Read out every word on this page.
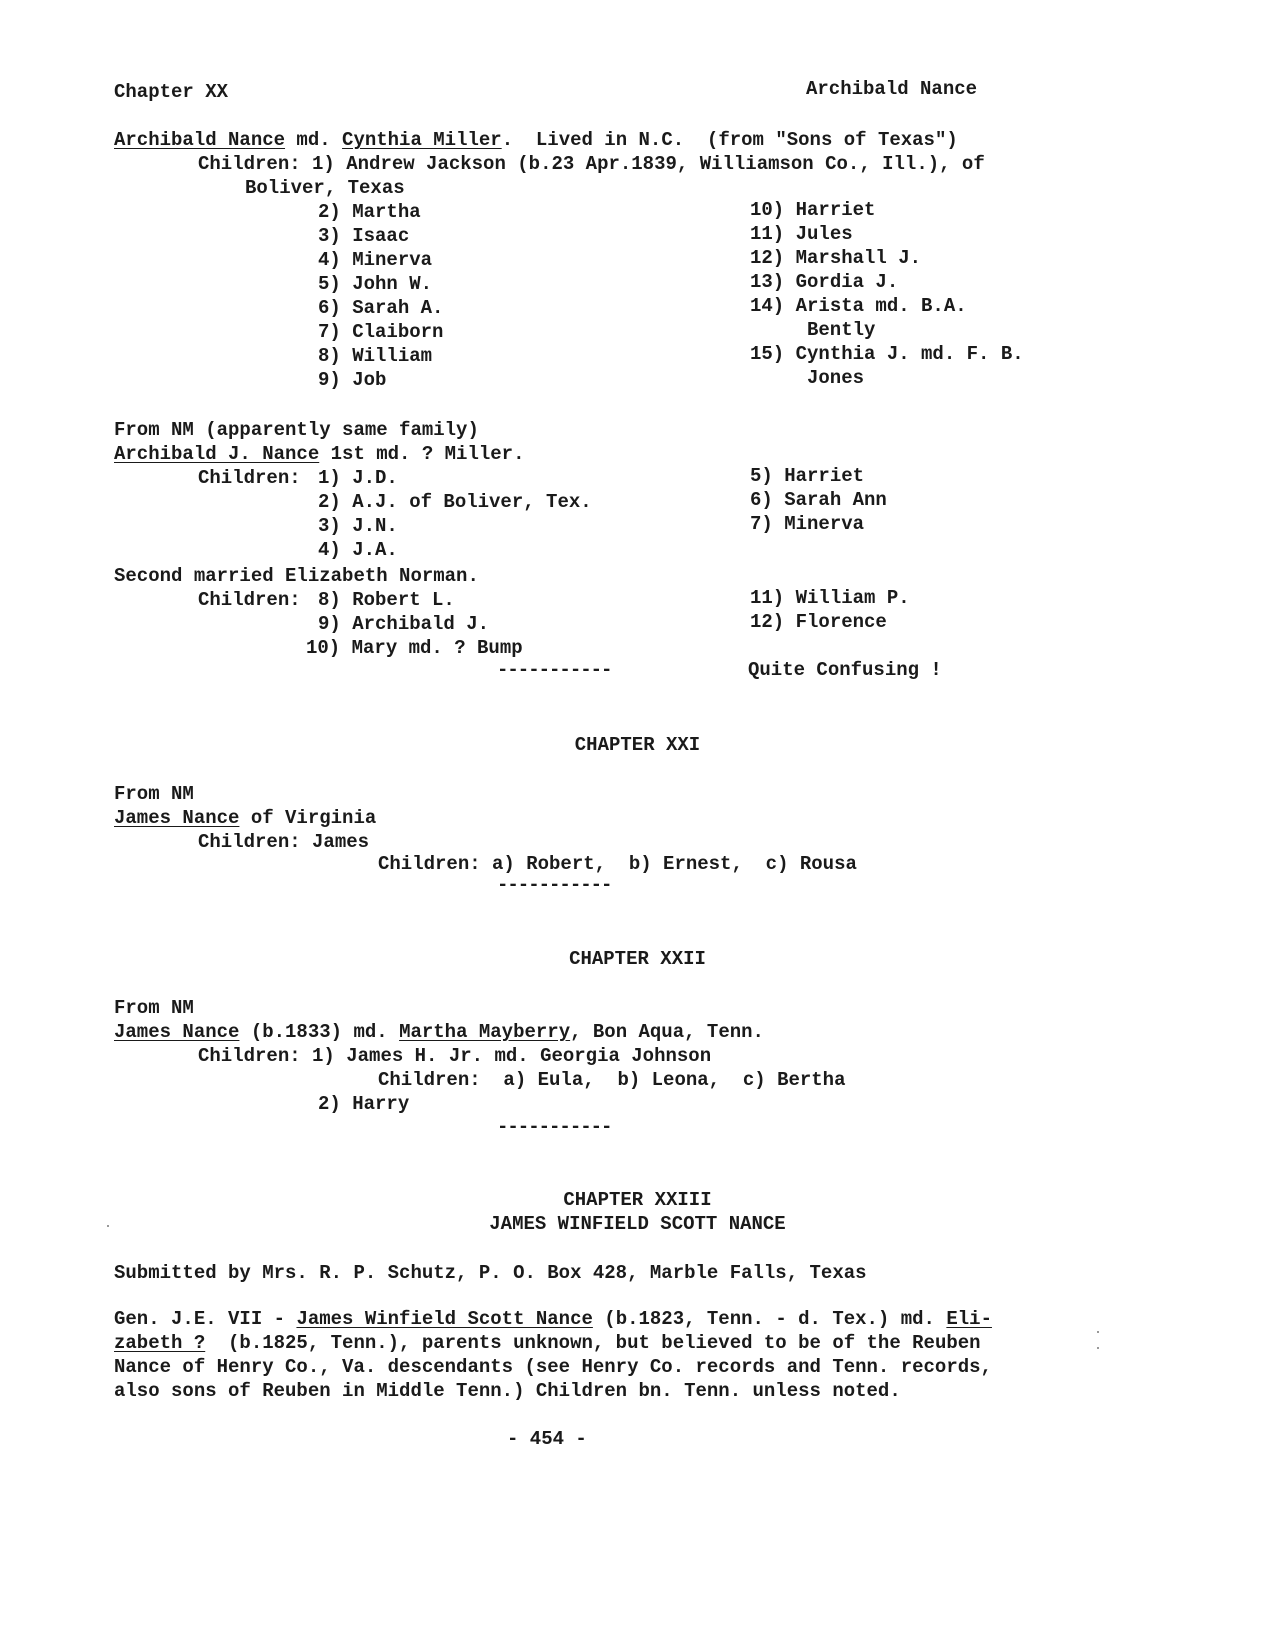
Chapter XX	Archibald Nance
Archibald Nance md. Cynthia Miller.  Lived in N.C.  (from "Sons of Texas")
Children: 1) Andrew Jackson (b.23 Apr.1839, Williamson Co., Ill.), of
Boliver, Texas
2) Martha
3) Isaac
4) Minerva
5) John W.
6) Sarah A.
7) Claiborn
8) William
9) Job
10) Harriet
11) Jules
12) Marshall J.
13) Gordia J.
14) Arista md. B.A.
Bently
15) Cynthia J. md. F. B.
Jones
From NM (apparently same family)
Archibald J. Nance 1st md. ? Miller.
Children: 1) J.D.
2) A.J. of Boliver, Tex.
3) J.N.
4) J.A.
5) Harriet
6) Sarah Ann
7) Minerva
Second married Elizabeth Norman.
Children: 8) Robert L.
9) Archibald J.
10) Mary md. ? Bump
11) William P.
12) Florence
-----------	Quite Confusing !
CHAPTER XXI
From NM
James Nance of Virginia
Children: James
Children: a) Robert,  b) Ernest,  c) Rousa
-----------
CHAPTER XXII
From NM
James Nance (b.1833) md. Martha Mayberry, Bon Aqua, Tenn.
Children: 1) James H. Jr. md. Georgia Johnson
Children:  a) Eula,  b) Leona,  c) Bertha
2) Harry
-----------
CHAPTER XXIII
JAMES WINFIELD SCOTT NANCE
Submitted by Mrs. R. P. Schutz, P. O. Box 428, Marble Falls, Texas
Gen. J.E. VII - James Winfield Scott Nance (b.1823, Tenn. - d. Tex.) md. Eli-
zabeth ?  (b.1825, Tenn.), parents unknown, but believed to be of the Reuben
Nance of Henry Co., Va. descendants (see Henry Co. records and Tenn. records,
also sons of Reuben in Middle Tenn.) Children bn. Tenn. unless noted.
- 454 -
